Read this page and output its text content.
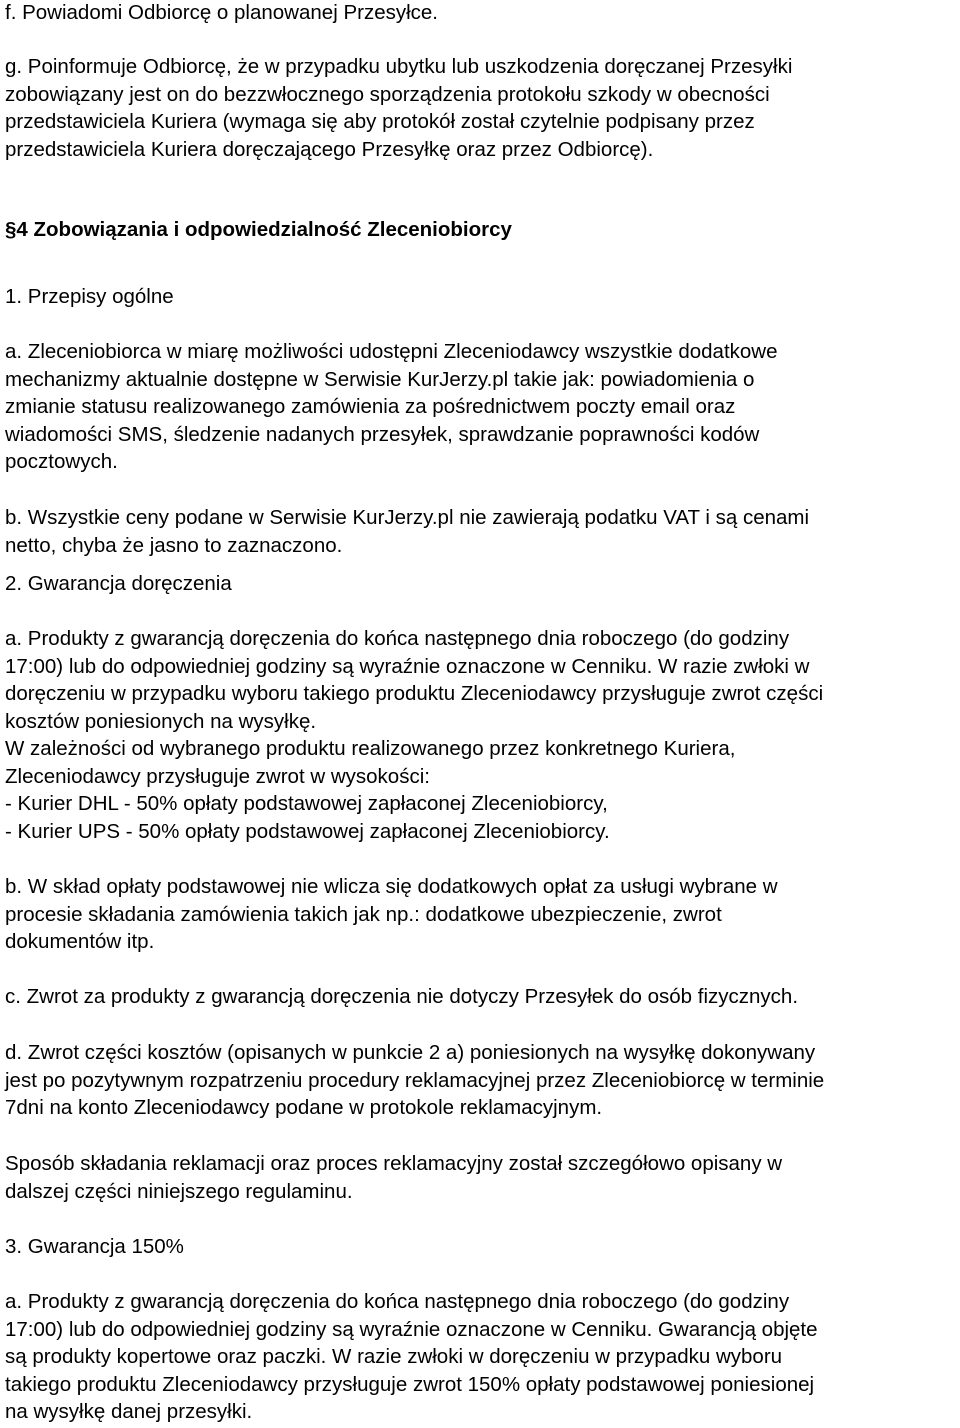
f. Powiadomi Odbiorcę o planowanej Przesyłce.

g. Poinformuje Odbiorcę, że w przypadku ubytku lub uszkodzenia doręczanej Przesyłki
zobowiązany jest on do bezzwłocznego sporządzenia protokołu szkody w obecności
przedstawiciela Kuriera (wymaga się aby protokół został czytelnie podpisany przez
przedstawiciela Kuriera doręczającego Przesyłkę oraz przez Odbiorcę).

§4 Zobowiązania i odpowiedzialność Zleceniobiorcy

1. Przepisy ogólne

a. Zleceniobiorca w miarę możliwości udostępni Zleceniodawcy wszystkie dodatkowe
mechanizmy aktualnie dostępne w Serwisie KurJerzy.pl takie jak: powiadomienia o
zmianie statusu realizowanego zamówienia za pośrednictwem poczty email oraz
wiadomości SMS, śledzenie nadanych przesyłek, sprawdzanie poprawności kodów
pocztowych.

b. Wszystkie ceny podane w Serwisie KurJerzy.pl nie zawierają podatku VAT i są cenami
netto, chyba że jasno to zaznaczono.

2. Gwarancja doręczenia

a. Produkty z gwarancją doręczenia do końca następnego dnia roboczego (do godziny
17:00) lub do odpowiedniej godziny są wyraźnie oznaczone w Cenniku. W razie zwłoki w
doręczeniu w przypadku wyboru takiego produktu Zleceniodawcy przysługuje zwrot części
kosztów poniesionych na wysyłkę.
W zależności od wybranego produktu realizowanego przez konkretnego Kuriera,
Zleceniodawcy przysługuje zwrot w wysokości:
- Kurier DHL - 50% opłaty podstawowej zapłaconej Zleceniobiorcy,
- Kurier UPS - 50% opłaty podstawowej zapłaconej Zleceniobiorcy.

b. W skład opłaty podstawowej nie wlicza się dodatkowych opłat za usługi wybrane w
procesie składania zamówienia takich jak np.: dodatkowe ubezpieczenie, zwrot
dokumentów itp.

c. Zwrot za produkty z gwarancją doręczenia nie dotyczy Przesyłek do osób fizycznych.

d. Zwrot części kosztów (opisanych w punkcie 2 a) poniesionych na wysyłkę dokonywany
jest po pozytywnym rozpatrzeniu procedury reklamacyjnej przez Zleceniobiorcę w terminie
7dni na konto Zleceniodawcy podane w protokole reklamacyjnym.

Sposób składania reklamacji oraz proces reklamacyjny został szczegółowo opisany w
dalszej części niniejszego regulaminu.

3. Gwarancja 150%

a. Produkty z gwarancją doręczenia do końca następnego dnia roboczego (do godziny
17:00) lub do odpowiedniej godziny są wyraźnie oznaczone w Cenniku. Gwarancją objęte
są produkty kopertowe oraz paczki. W razie zwłoki w doręczeniu w przypadku wyboru
takiego produktu Zleceniodawcy przysługuje zwrot 150% opłaty podstawowej poniesionej
na wysyłkę danej przesyłki.
